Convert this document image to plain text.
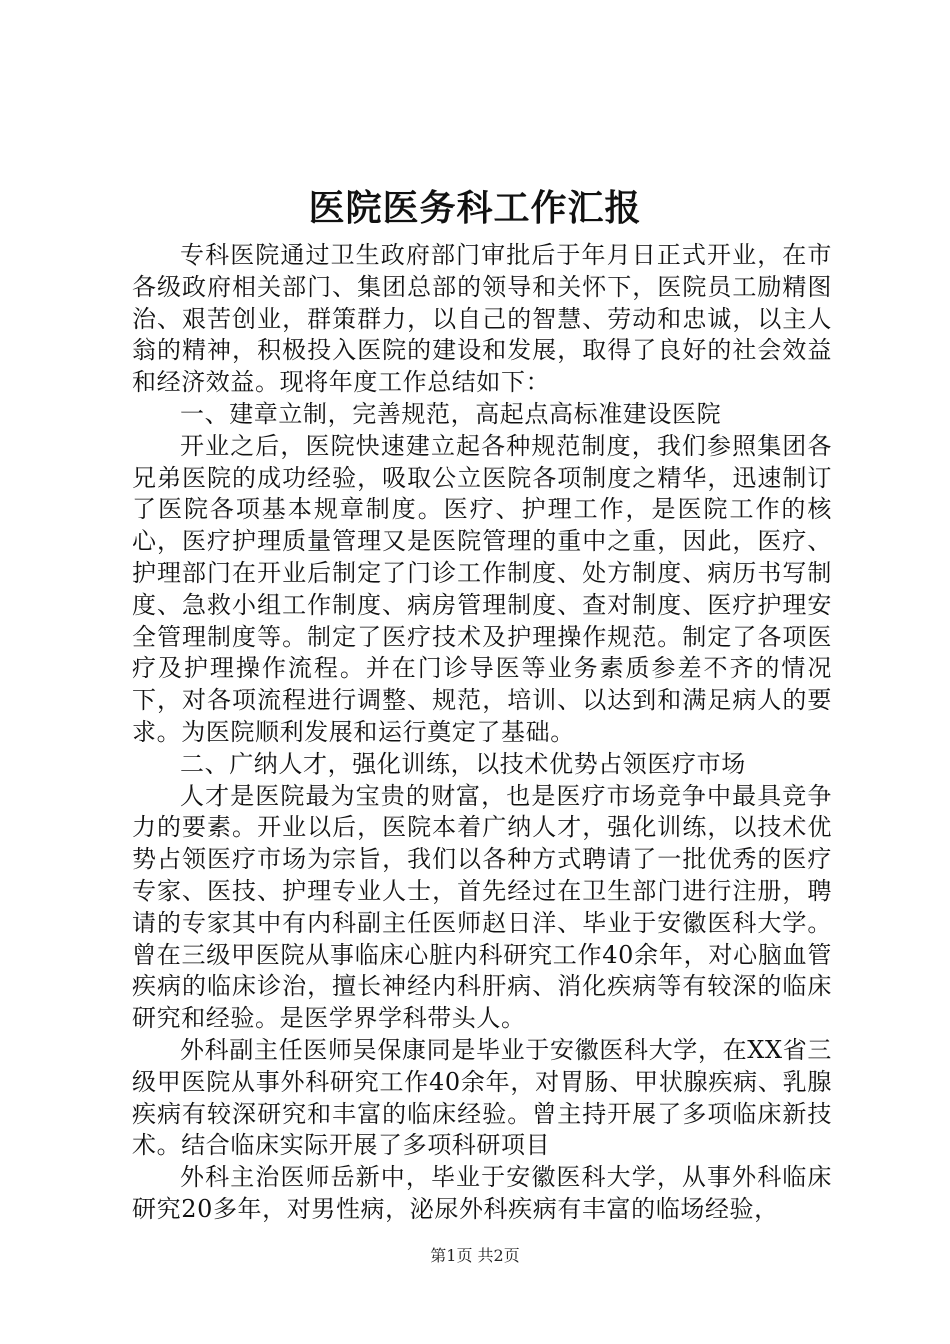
医院医务科工作汇报

专科医院通过卫生政府部门审批后于年月日正式开业，在市各级政府相关部门、集团总部的领导和关怀下，医院员工励精图治、艰苦创业，群策群力，以自己的智慧、劳动和忠诚，以主人翁的精神，积极投入医院的建设和发展，取得了良好的社会效益和经济效益。现将年度工作总结如下：

一、建章立制，完善规范，高起点高标准建设医院

开业之后，医院快速建立起各种规范制度，我们参照集团各兄弟医院的成功经验，吸取公立医院各项制度之精华，迅速制订了医院各项基本规章制度。医疗、护理工作，是医院工作的核心，医疗护理质量管理又是医院管理的重中之重，因此，医疗、护理部门在开业后制定了门诊工作制度、处方制度、病历书写制度、急救小组工作制度、病房管理制度、查对制度、医疗护理安全管理制度等。制定了医疗技术及护理操作规范。制定了各项医疗及护理操作流程。并在门诊导医等业务素质参差不齐的情况下，对各项流程进行调整、规范，培训、以达到和满足病人的要求。为医院顺利发展和运行奠定了基础。

二、广纳人才，强化训练，以技术优势占领医疗市场

人才是医院最为宝贵的财富，也是医疗市场竞争中最具竞争力的要素。开业以后，医院本着广纳人才，强化训练，以技术优势占领医疗市场为宗旨，我们以各种方式聘请了一批优秀的医疗专家、医技、护理专业人士，首先经过在卫生部门进行注册，聘请的专家其中有内科副主任医师赵日洋、毕业于安徽医科大学。曾在三级甲医院从事临床心脏内科研究工作40余年，对心脑血管疾病的临床诊治，擅长神经内科肝病、消化疾病等有较深的临床研究和经验。是医学界学科带头人。

外科副主任医师吴保康同是毕业于安徽医科大学，在XX省三级甲医院从事外科研究工作40余年，对胃肠、甲状腺疾病、乳腺疾病有较深研究和丰富的临床经验。曾主持开展了多项临床新技术。结合临床实际开展了多项科研项目

外科主治医师岳新中，毕业于安徽医科大学，从事外科临床研究20多年，对男性病，泌尿外科疾病有丰富的临场经验，

第1页 共2页
